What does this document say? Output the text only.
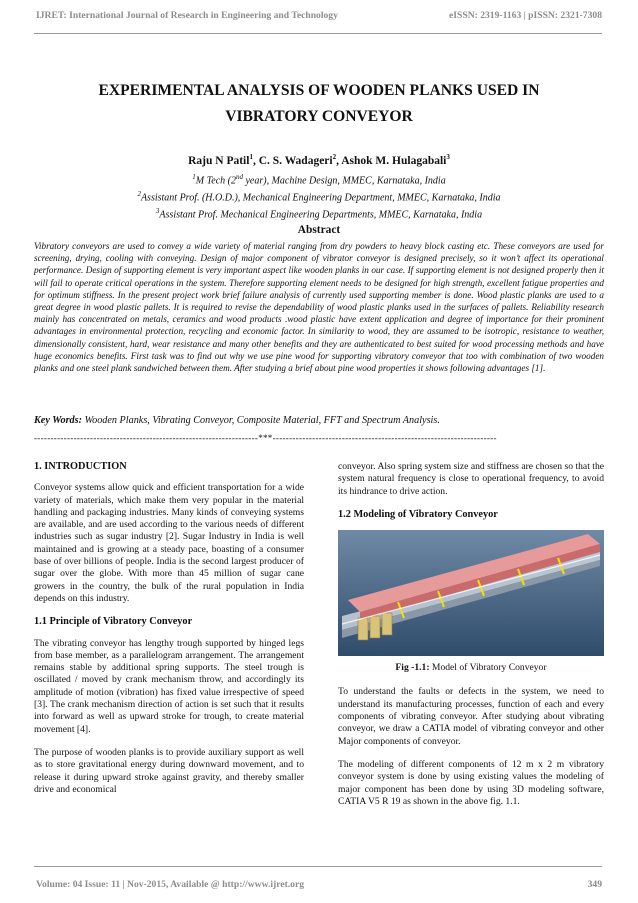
IJRET: International Journal of Research in Engineering and Technology	eISSN: 2319-1163 | pISSN: 2321-7308
EXPERIMENTAL ANALYSIS OF WOODEN PLANKS USED IN
VIBRATORY CONVEYOR
Raju N Patil$^1$, C. S. Wadageri$^2$, Ashok M. Hulagabali$^3$
$^1$M Tech (2nd year), Machine Design, MMEC, Karnataka, India
$^2$Assistant Prof. (H.O.D.), Mechanical Engineering Department, MMEC, Karnataka, India
$^3$Assistant Prof. Mechanical Engineering Departments, MMEC, Karnataka, India
Abstract
Vibratory conveyors are used to convey a wide variety of material ranging from dry powders to heavy block casting etc. These conveyors are used for screening, drying, cooling with conveying. Design of major component of vibrator conveyor is designed precisely, so it won’t affect its operational performance. Design of supporting element is very important aspect like wooden planks in our case. If supporting element is not designed properly then it will fail to operate critical operations in the system. Therefore supporting element needs to be designed for high strength, excellent fatigue properties and for optimum stiffness. In the present project work brief failure analysis of currently used supporting member is done. Wood plastic planks are used to a great degree in wood plastic pallets. It is required to revise the dependability of wood plastic planks used in the surfaces of pallets. Reliability research mainly has concentrated on metals, ceramics and wood products .wood plastic have extent application and degree of importance for their prominent advantages in environmental protection, recycling and economic factor. In similarity to wood, they are assumed to be isotropic, resistance to weather, dimensionally consistent, hard, wear resistance and many other benefits and they are authenticated to best suited for wood processing methods and have huge economics benefits. First task was to find out why we use pine wood for supporting vibratory conveyor that too with combination of two wooden planks and one steel plank sandwiched between them. After studying a brief about pine wood properties it shows following advantages [1].
Key Words: Wooden Planks, Vibrating Conveyor, Composite Material, FFT and Spectrum Analysis.
--------------------------------------------------------------------***--------------------------------------------------------------------
1. INTRODUCTION

Conveyor systems allow quick and efficient transportation for a wide variety of materials, which make them very popular in the material handling and packaging industries. Many kinds of conveying systems are available, and are used according to the various needs of different industries such as sugar industry [2]. Sugar Industry in India is well maintained and is growing at a steady pace, boasting of a consumer base of over billions of people. India is the second largest producer of sugar over the globe. With more than 45 million of sugar cane growers in the country, the bulk of the rural population in India depends on this industry.

1.1 Principle of Vibratory Conveyor

The vibrating conveyor has lengthy trough supported by hinged legs from base member, as a parallelogram arrangement. The arrangement remains stable by additional spring supports. The steel trough is oscillated / moved by crank mechanism throw, and accordingly its amplitude of motion (vibration) has fixed value irrespective of speed [3]. The crank mechanism direction of action is set such that it results into forward as well as upward stroke for trough, to create material movement [4].

The purpose of wooden planks is to provide auxiliary support as well as to store gravitational energy during downward movement, and to release it during upward stroke against gravity, and thereby smaller drive and economical

conveyor. Also spring system size and stiffness are chosen so that the system natural frequency is close to operational frequency, to avoid its hindrance to drive action.

1.2 Modeling of Vibratory Conveyor
Fig -1.1: Model of Vibratory Conveyor

To understand the faults or defects in the system, we need to understand its manufacturing processes, function of each and every components of vibrating conveyor. After studying about vibrating conveyor, we draw a CATIA model of vibrating conveyor and other Major components of conveyor.

The modeling of different components of 12 m x 2 m vibratory conveyor system is done by using existing values the modeling of major component has been done by using 3D modeling software, CATIA V5 R 19 as shown in the above fig. 1.1.

Volume: 04 Issue: 11 | Nov-2015, Available @ http://www.ijret.org	349
